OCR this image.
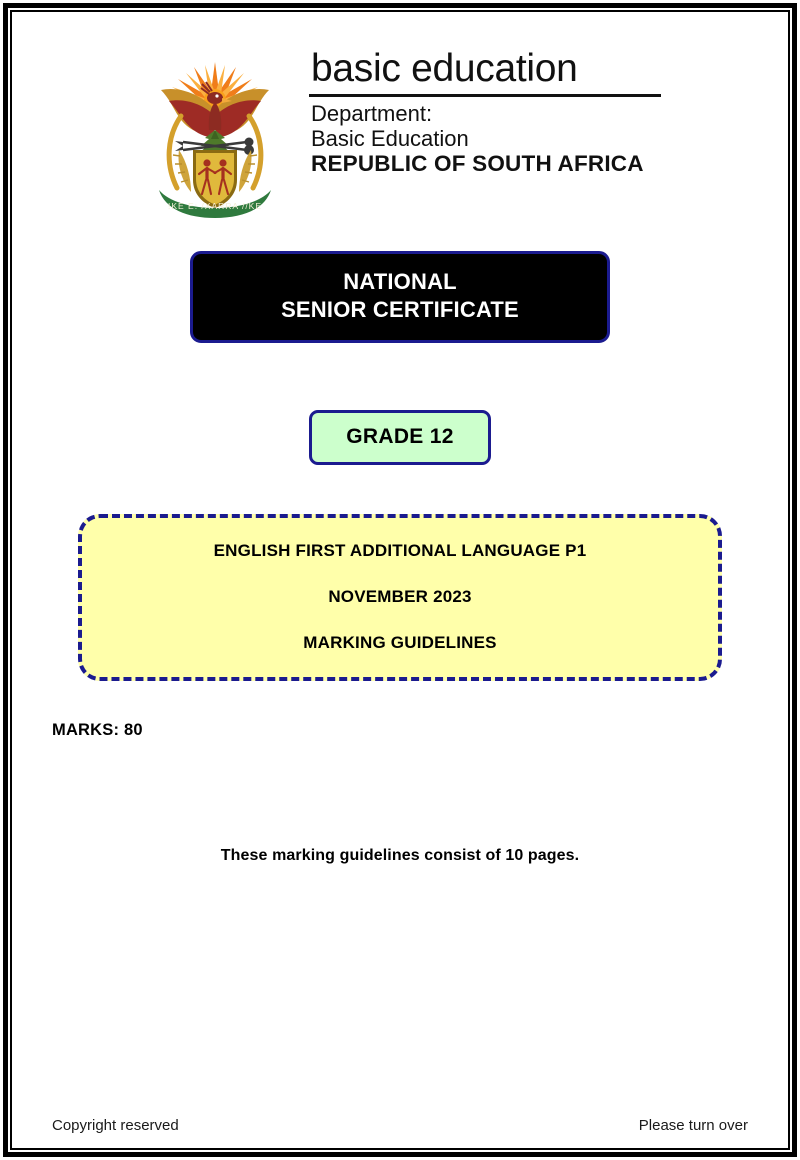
!KE E: /XARRA //KE
basic education
Department:
Basic Education
REPUBLIC OF SOUTH AFRICA
NATIONAL
SENIOR CERTIFICATE
GRADE 12
ENGLISH FIRST ADDITIONAL LANGUAGE P1
NOVEMBER 2023
MARKING GUIDELINES
MARKS: 80
These marking guidelines consist of 10 pages.
Copyright reserved	Please turn over
